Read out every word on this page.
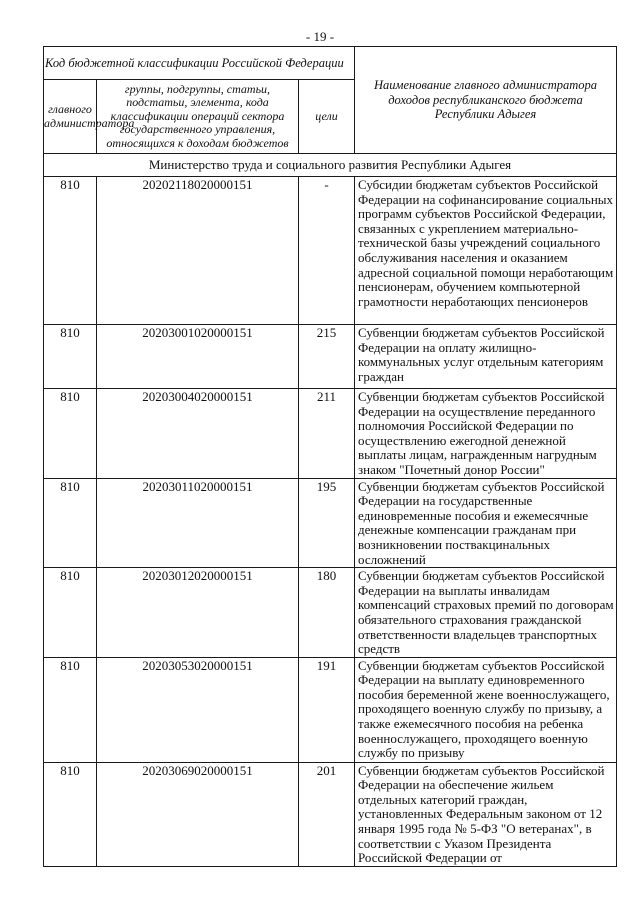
- 19 -
Код бюджетной классификации Российской Федерации			Наименование главного администратора доходов республиканского бюджета Республики Адыгея
главного администратора	группы, подгруппы, статьи, подстатьи, элемента, кода классификации операций сектора государственного управления, относящихся к доходам бюджетов	цели	
Министерство труда и социального развития Республики Адыгея			
810	20202118020000151	-	Субсидии бюджетам субъектов Российской Федерации на софинансирование социальных программ субъектов Российской Федерации, связанных с укреплением материально-технической базы учреждений социального обслуживания населения и оказанием адресной социальной помощи неработающим пенсионерам, обучением компьютерной грамотности неработающих пенсионеров
810	20203001020000151	215	Субвенции бюджетам субъектов Российской Федерации на оплату жилищно-коммунальных услуг отдельным категориям граждан
810	20203004020000151	211	Субвенции бюджетам субъектов Российской Федерации на осуществление переданного полномочия Российской Федерации по осуществлению ежегодной денежной выплаты лицам, награжденным нагрудным знаком "Почетный донор России"
810	20203011020000151	195	Субвенции бюджетам субъектов Российской Федерации на государственные единовременные пособия и ежемесячные денежные компенсации гражданам при возникновении поствакцинальных осложнений
810	20203012020000151	180	Субвенции бюджетам субъектов Российской Федерации на выплаты инвалидам компенсаций страховых премий по договорам обязательного страхования гражданской ответственности владельцев транспортных средств
810	20203053020000151	191	Субвенции бюджетам субъектов Российской Федерации на выплату единовременного пособия беременной жене военнослужащего, проходящего военную службу по призыву, а также ежемесячного пособия на ребенка военнослужащего, проходящего военную службу по призыву
810	20203069020000151	201	Субвенции бюджетам субъектов Российской Федерации на обеспечение жильем отдельных категорий граждан, установленных Федеральным законом от 12 января 1995 года № 5-ФЗ "О ветеранах", в соответствии с Указом Президента Российской Федерации от
